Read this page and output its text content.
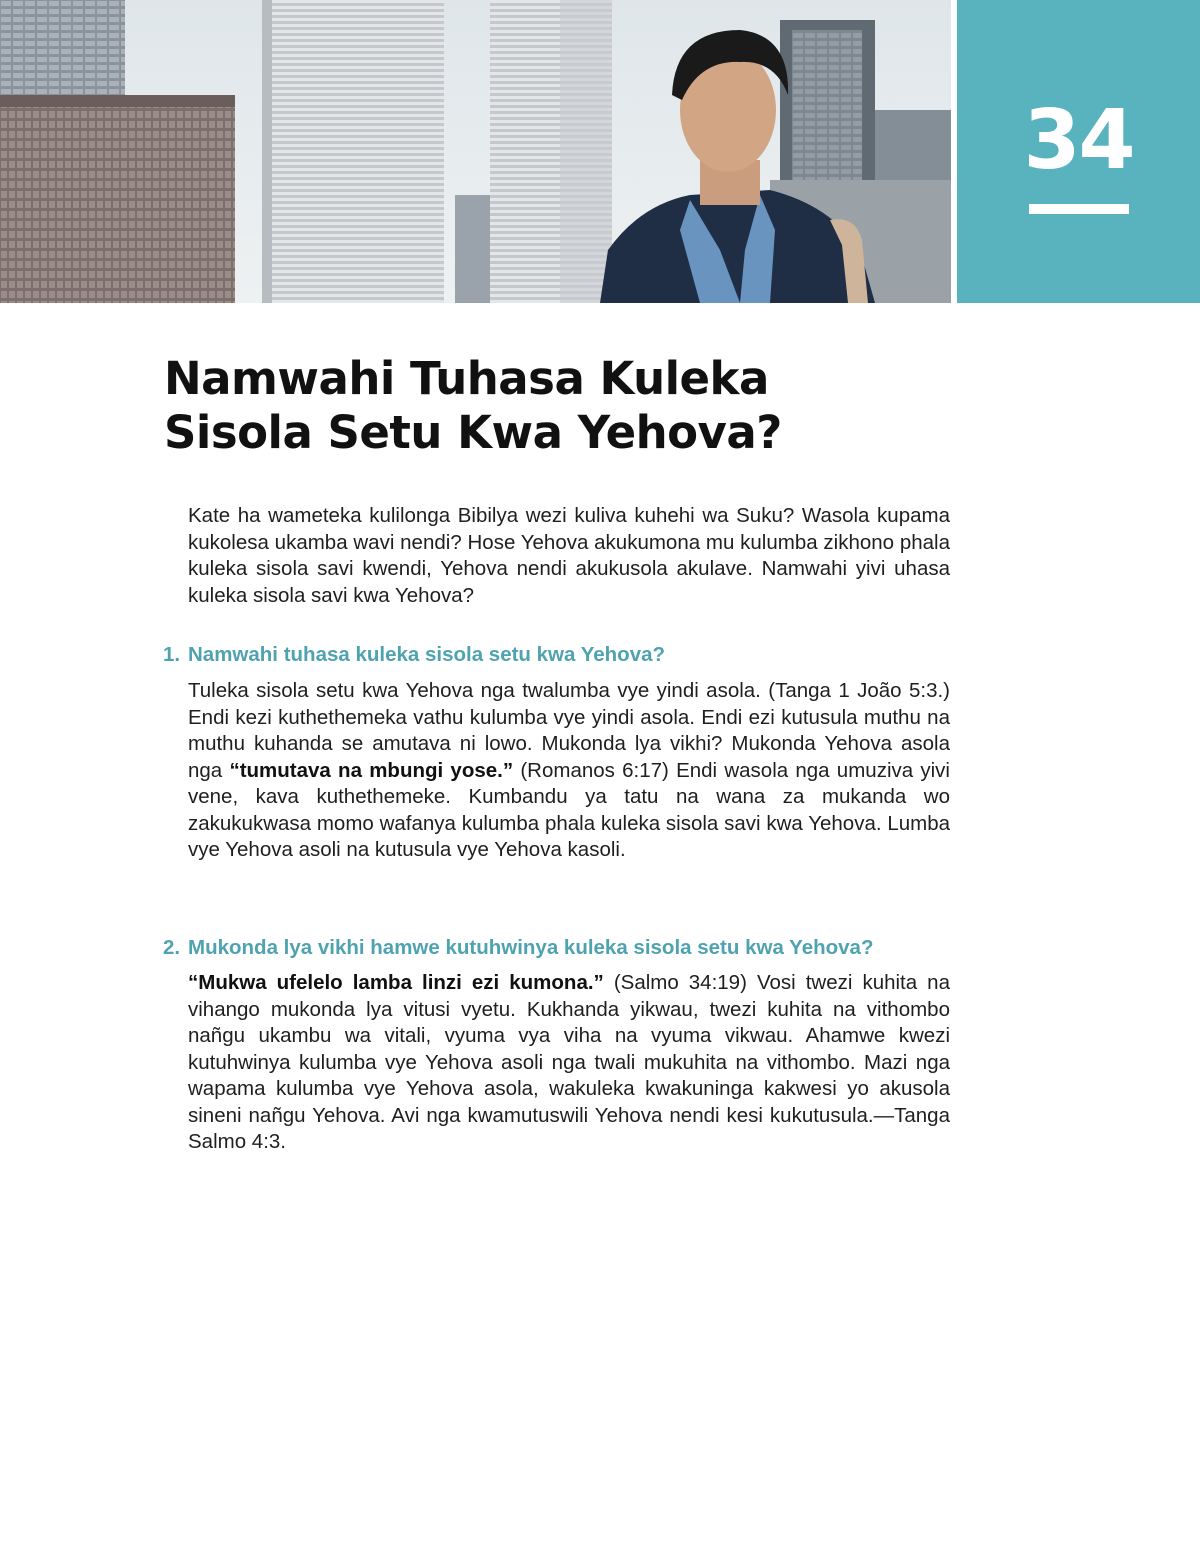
34
Namwahi Tuhasa Kuleka
Sisola Setu Kwa Yehova?

Kate ha wameteka kulilonga Bibilya wezi kuliva kuhehi wa Suku? Wasola kupama kukolesa ukamba wavi nendi? Hose Yehova akukumona mu kulumba zikhono phala kuleka sisola savi kwendi, Yehova nendi akukusola akulave. Namwahi yivi uhasa kuleka sisola savi kwa Yehova?

1. Namwahi tuhasa kuleka sisola setu kwa Yehova?

Tuleka sisola setu kwa Yehova nga twalumba vye yindi asola. (Tanga 1 João 5:3.) Endi kezi kuthethemeka vathu kulumba vye yindi asola. Endi ezi kutusula muthu na muthu kuhanda se amutava ni lowo. Mukonda lya vikhi? Mukonda Yehova asola nga “tumutava na mbungi yose.” (Romanos 6:17) Endi wasola nga umuziva yivi vene, kava kuthethemeke. Kumbandu ya tatu na wana za mukanda wo zakukukwasa momo wafanya kulumba phala kuleka sisola savi kwa Yehova. Lumba vye Yehova asoli na kutusula vye Yehova kasoli.

2. Mukonda lya vikhi hamwe kutuhwinya kuleka sisola setu kwa Yehova?

“Mukwa ufelelo lamba linzi ezi kumona.” (Salmo 34:19) Vosi twezi kuhita na vihango mukonda lya vitusi vyetu. Kukhanda yikwau, twezi kuhita na vithombo nañgu ukambu wa vitali, vyuma vya viha na vyuma vikwau. Ahamwe kwezi kutuhwinya kulumba vye Yehova asoli nga twali mukuhita na vithombo. Mazi nga wapama kulumba vye Yehova asola, wakuleka kwakuninga kakwesi yo akusola sineni nañgu Yehova. Avi nga kwamutuswili Yehova nendi kesi kukutusula.—Tanga Salmo 4:3.
